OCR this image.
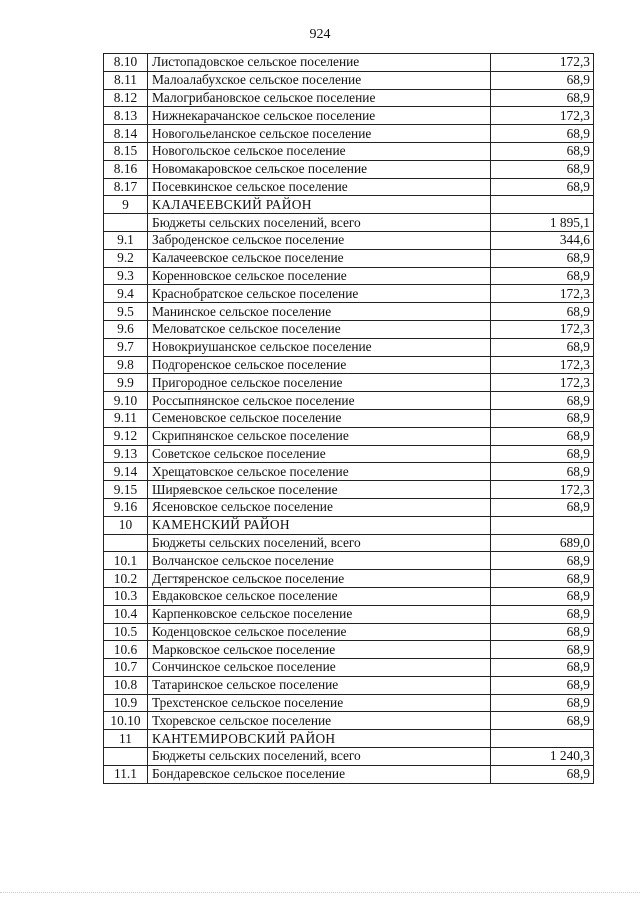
924
8.10	Листопадовское сельское поселение	172,3
8.11	Малоалабухское сельское поселение	68,9
8.12	Малогрибановское сельское поселение	68,9
8.13	Нижнекарачанское сельское поселение	172,3
8.14	Новогольеланское сельское поселение	68,9
8.15	Новогольское сельское поселение	68,9
8.16	Новомакаровское сельское поселение	68,9
8.17	Посевкинское сельское поселение	68,9
9	КАЛАЧЕЕВСКИЙ РАЙОН	
	Бюджеты сельских поселений, всего	1 895,1
9.1	Заброденское сельское поселение	344,6
9.2	Калачеевское сельское поселение	68,9
9.3	Коренновское сельское поселение	68,9
9.4	Краснобратское сельское поселение	172,3
9.5	Манинское сельское поселение	68,9
9.6	Меловатское сельское поселение	172,3
9.7	Новокриушанское сельское поселение	68,9
9.8	Подгоренское сельское поселение	172,3
9.9	Пригородное сельское поселение	172,3
9.10	Россыпнянское сельское поселение	68,9
9.11	Семеновское сельское поселение	68,9
9.12	Скрипнянское сельское поселение	68,9
9.13	Советское сельское поселение	68,9
9.14	Хрещатовское сельское поселение	68,9
9.15	Ширяевское сельское поселение	172,3
9.16	Ясеновское сельское поселение	68,9
10	КАМЕНСКИЙ РАЙОН	
	Бюджеты сельских поселений, всего	689,0
10.1	Волчанское сельское поселение	68,9
10.2	Дегтяренское сельское поселение	68,9
10.3	Евдаковское сельское поселение	68,9
10.4	Карпенковское сельское поселение	68,9
10.5	Коденцовское сельское поселение	68,9
10.6	Марковское сельское поселение	68,9
10.7	Сончинское сельское поселение	68,9
10.8	Татаринское сельское поселение	68,9
10.9	Трехстенское сельское поселение	68,9
10.10	Тхоревское сельское поселение	68,9
11	КАНТЕМИРОВСКИЙ РАЙОН	
	Бюджеты сельских поселений, всего	1 240,3
11.1	Бондаревское сельское поселение	68,9
